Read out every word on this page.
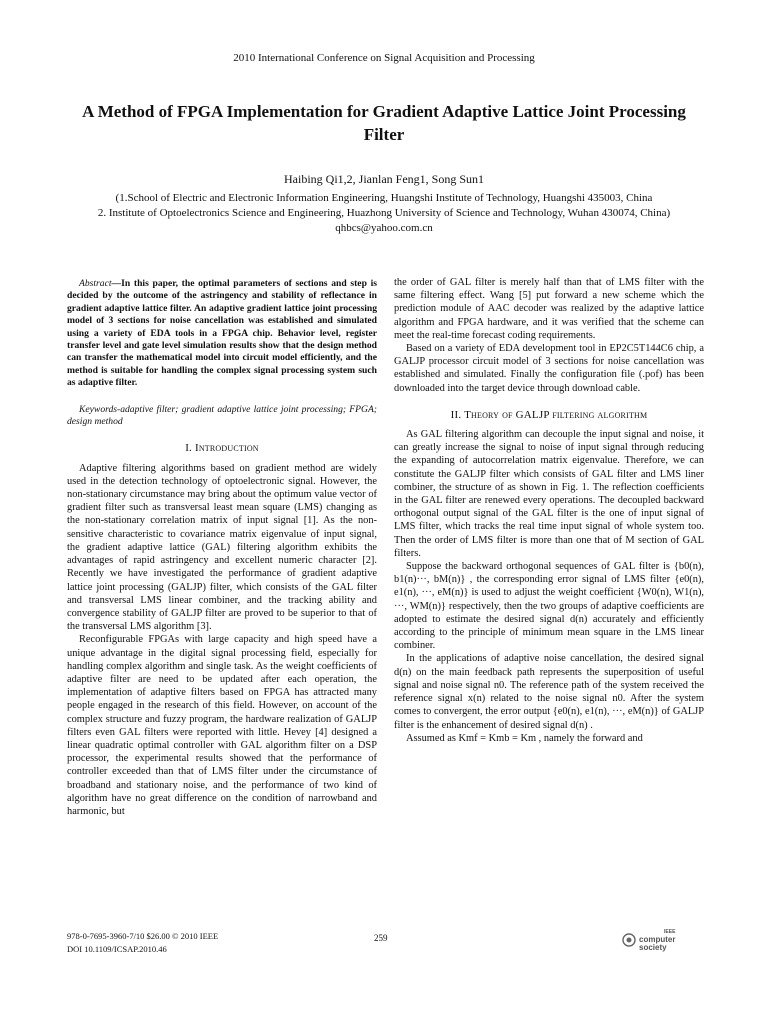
2010 International Conference on Signal Acquisition and Processing
A Method of FPGA Implementation for Gradient Adaptive Lattice Joint Processing Filter
Haibing Qi1,2, Jianlan Feng1, Song Sun1
(1.School of Electric and Electronic Information Engineering, Huangshi Institute of Technology, Huangshi 435003, China
2. Institute of Optoelectronics Science and Engineering, Huazhong University of Science and Technology, Wuhan 430074, China)
qhbcs@yahoo.com.cn

Abstract—In this paper, the optimal parameters of sections and step is decided by the outcome of the astringency and stability of reflectance in gradient adaptive lattice filter. An adaptive gradient lattice joint processing model of 3 sections for noise cancellation was established and simulated using a variety of EDA tools in a FPGA chip. Behavior level, register transfer level and gate level simulation results show that the design method can transfer the mathematical model into circuit model efficiently, and the method is suitable for handling the complex signal processing system such as adaptive filter.

Keywords-adaptive filter; gradient adaptive lattice joint processing; FPGA; design method

I. Introduction

Adaptive filtering algorithms based on gradient method are widely used in the detection technology of optoelectronic signal. However, the non-stationary circumstance may bring about the optimum value vector of gradient filter such as transversal least mean square (LMS) changing as the non-stationary correlation matrix of input signal [1]. As the non-sensitive characteristic to covariance matrix eigenvalue of input signal, the gradient adaptive lattice (GAL) filtering algorithm exhibits the advantages of rapid astringency and excellent numeric character [2]. Recently we have investigated the performance of gradient adaptive lattice joint processing (GALJP) filter, which consists of the GAL filter and transversal LMS linear combiner, and the tracking ability and convergence stability of GALJP filter are proved to be superior to that of the transversal LMS algorithm [3].

Reconfigurable FPGAs with large capacity and high speed have a unique advantage in the digital signal processing field, especially for handling complex algorithm and single task. As the weight coefficients of adaptive filter are need to be updated after each operation, the implementation of adaptive filters based on FPGA has attracted many people engaged in the research of this field. However, on account of the complex structure and fuzzy program, the hardware realization of GALJP filters even GAL filters were reported with little. Hevey [4] designed a linear quadratic optimal controller with GAL algorithm filter on a DSP processor, the experimental results showed that the performance of controller exceeded than that of LMS filter under the circumstance of broadband and stationary noise, and the performance of two kind of algorithm have no great difference on the condition of narrowband and harmonic, but

the order of GAL filter is merely half than that of LMS filter with the same filtering effect. Wang [5] put forward a new scheme which the prediction module of AAC decoder was realized by the adaptive lattice algorithm and FPGA hardware, and it was verified that the scheme can meet the real-time forecast coding requirements.

Based on a variety of EDA development tool in EP2C5T144C6 chip, a GALJP processor circuit model of 3 sections for noise cancellation was established and simulated. Finally the configuration file (.pof) has been downloaded into the target device through download cable.

II. Theory of GALJP filtering algorithm

As GAL filtering algorithm can decouple the input signal and noise, it can greatly increase the signal to noise of input signal through reducing the expanding of autocorrelation matrix eigenvalue. Therefore, we can constitute the GALJP filter which consists of GAL filter and LMS liner combiner, the structure of as shown in Fig. 1. The reflection coefficients in the GAL filter are renewed every operations. The decoupled backward orthogonal output signal of the GAL filter is the one of input signal of LMS filter, which tracks the real time input signal of whole system too. Then the order of LMS filter is more than one that of M section of GAL filters.

Suppose the backward orthogonal sequences of GAL filter is {b0(n), b1(n)···, bM(n)} , the corresponding error signal of LMS filter {e0(n), e1(n), ···, eM(n)} is used to adjust the weight coefficient {W0(n), W1(n), ···, WM(n)} respectively, then the two groups of adaptive coefficients are adopted to estimate the desired signal d(n) accurately and efficiently according to the principle of minimum mean square in the LMS linear combiner.

In the applications of adaptive noise cancellation, the desired signal d(n) on the main feedback path represents the superposition of useful signal and noise signal n0. The reference path of the system received the reference signal x(n) related to the noise signal n0. After the system comes to convergent, the error output {e0(n), e1(n), ···, eM(n)} of GALJP filter is the enhancement of desired signal d(n) .

Assumed as Kmf = Kmb = Km , namely the forward and

978-0-7695-3960-7/10 $26.00 © 2010 IEEE
DOI 10.1109/ICSAP.2010.46
259
IEEE
computer
society
